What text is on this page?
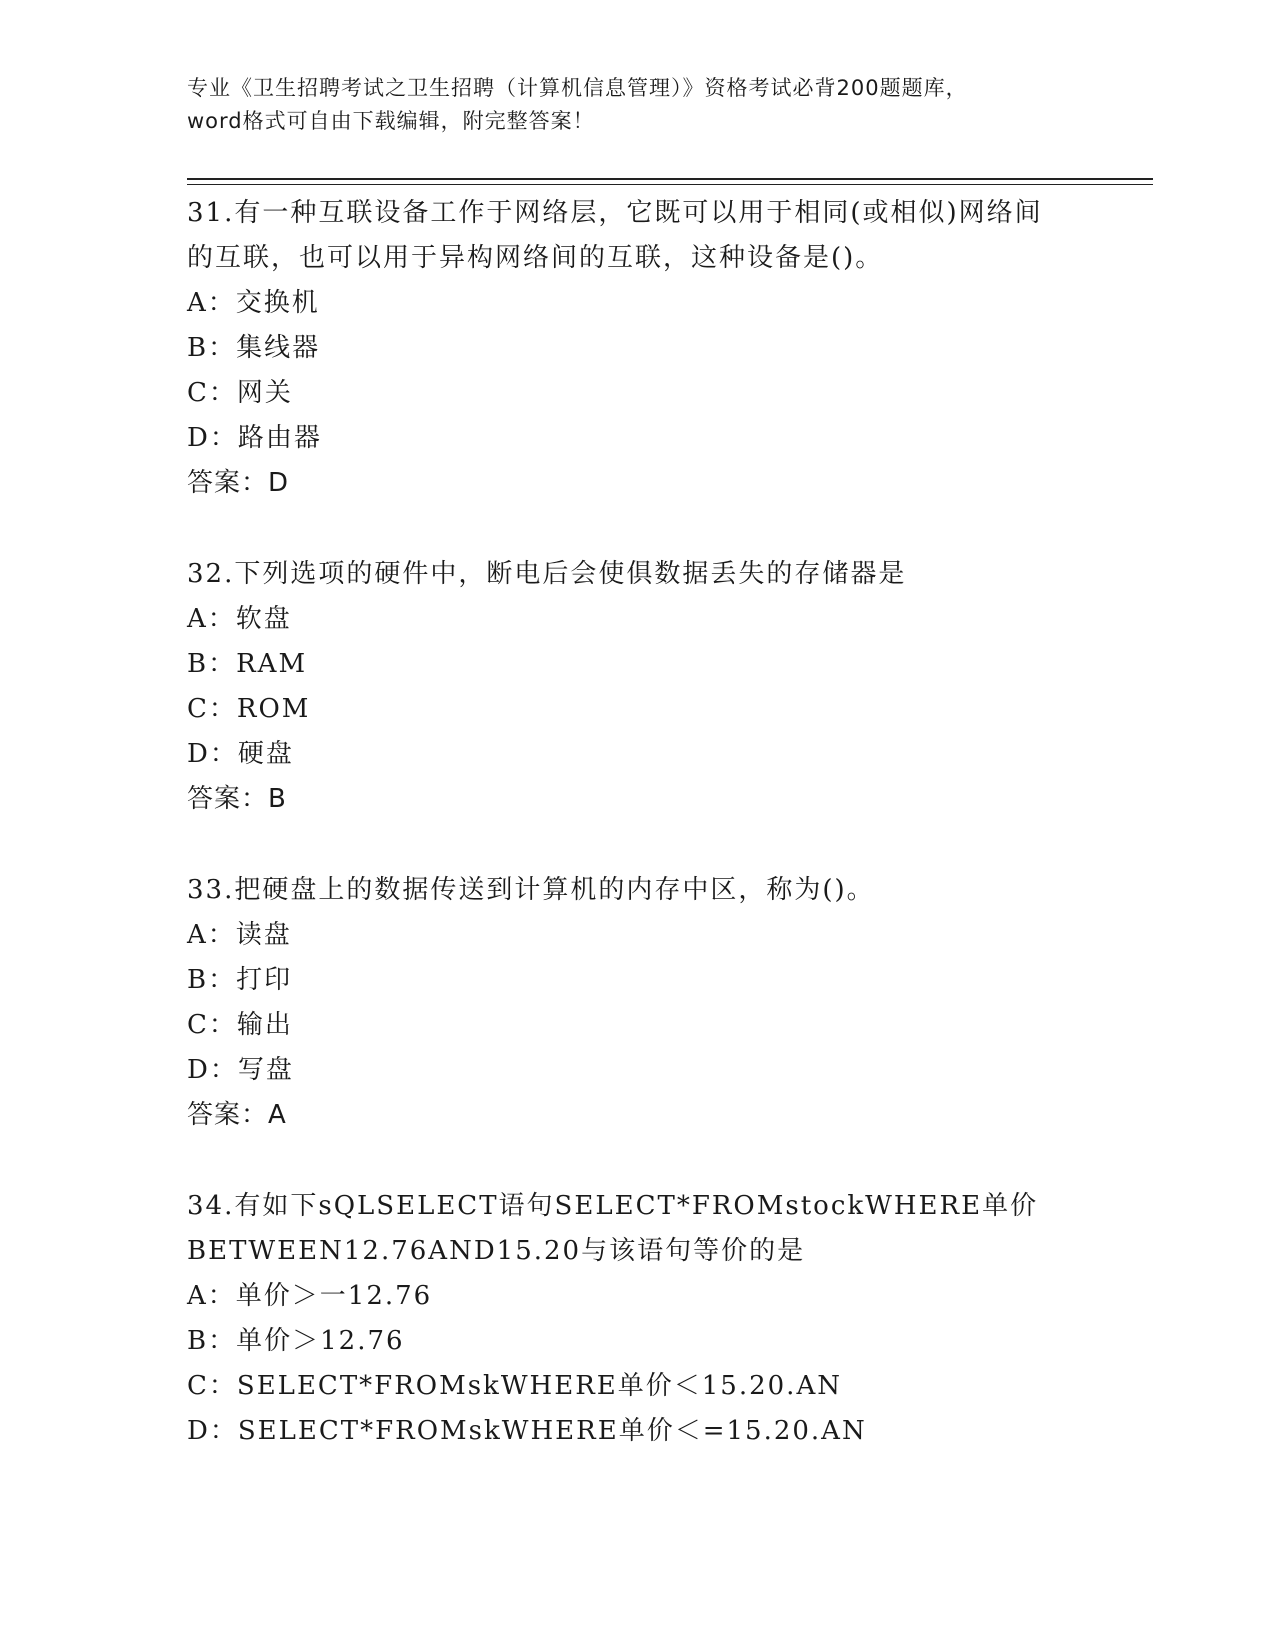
专业《卫生招聘考试之卫生招聘（计算机信息管理）》资格考试必背200题题库，
word格式可自由下载编辑，附完整答案！
31.有一种互联设备工作于网络层，它既可以用于相同(或相似)网络间
的互联，也可以用于异构网络间的互联，这种设备是()。
A：交换机
B：集线器
C：网关
D：路由器
答案：D
32.下列选项的硬件中，断电后会使俱数据丢失的存储器是
A：软盘
B：RAM
C：ROM
D：硬盘
答案：B
33.把硬盘上的数据传送到计算机的内存中区，称为()。
A：读盘
B：打印
C：输出
D：写盘
答案：A
34.有如下sQLSELECT语句SELECT*FROMstockWHERE单价
BETWEEN12.76AND15.20与该语句等价的是
A：单价＞一12.76
B：单价＞12.76
C：SELECT*FROMskWHERE单价＜15.20.AN
D：SELECT*FROMskWHERE单价＜=15.20.AN
